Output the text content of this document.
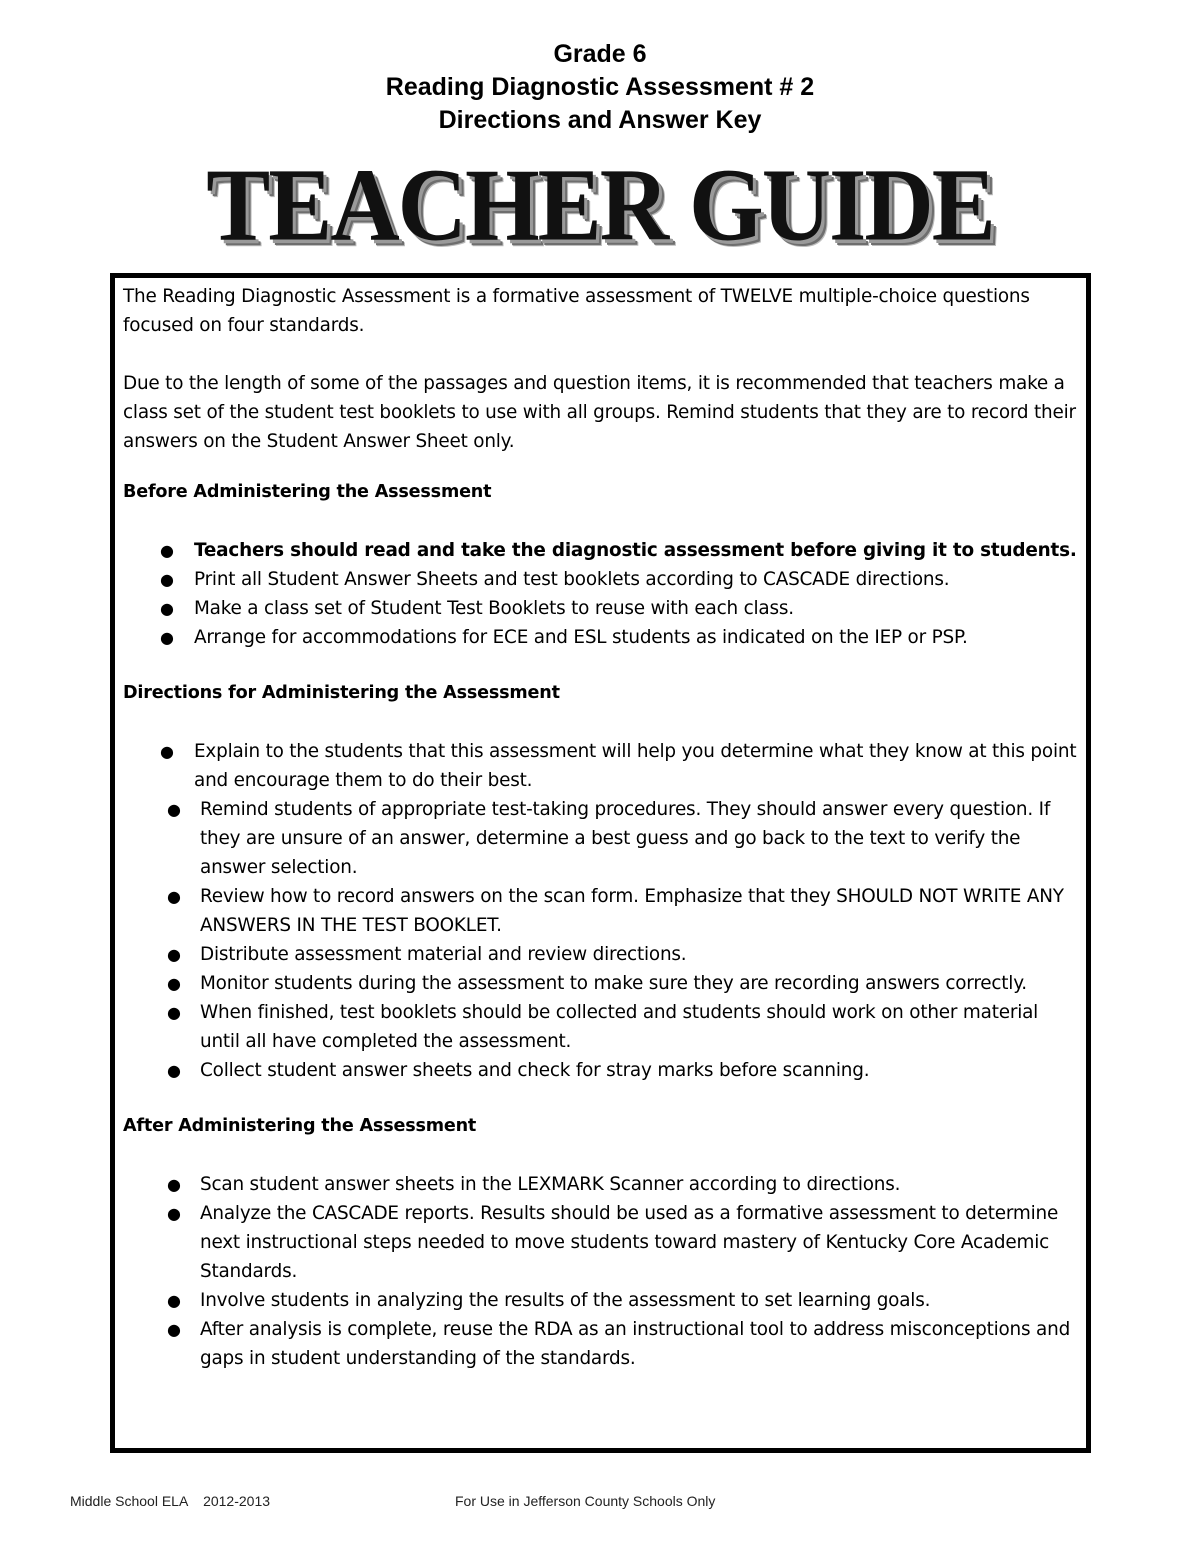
Grade 6
Reading Diagnostic Assessment # 2
Directions and Answer Key
TEACHER GUIDE

The Reading Diagnostic Assessment is a formative assessment of TWELVE multiple-choice questions focused on four standards.

Due to the length of some of the passages and question items, it is recommended that teachers make a class set of the student test booklets to use with all groups. Remind students that they are to record their answers on the Student Answer Sheet only.

Before Administering the Assessment

● Teachers should read and take the diagnostic assessment before giving it to students.
● Print all Student Answer Sheets and test booklets according to CASCADE directions.
● Make a class set of Student Test Booklets to reuse with each class.
● Arrange for accommodations for ECE and ESL students as indicated on the IEP or PSP.

Directions for Administering the Assessment

● Explain to the students that this assessment will help you determine what they know at this point and encourage them to do their best.
● Remind students of appropriate test-taking procedures. They should answer every question. If they are unsure of an answer, determine a best guess and go back to the text to verify the answer selection.
● Review how to record answers on the scan form. Emphasize that they SHOULD NOT WRITE ANY ANSWERS IN THE TEST BOOKLET.
● Distribute assessment material and review directions.
● Monitor students during the assessment to make sure they are recording answers correctly.
● When finished, test booklets should be collected and students should work on other material until all have completed the assessment.
● Collect student answer sheets and check for stray marks before scanning.

After Administering the Assessment

● Scan student answer sheets in the LEXMARK Scanner according to directions.
● Analyze the CASCADE reports. Results should be used as a formative assessment to determine next instructional steps needed to move students toward mastery of Kentucky Core Academic Standards.
● Involve students in analyzing the results of the assessment to set learning goals.
● After analysis is complete, reuse the RDA as an instructional tool to address misconceptions and gaps in student understanding of the standards.
Middle School ELA    2012-2013	For Use in Jefferson County Schools Only
